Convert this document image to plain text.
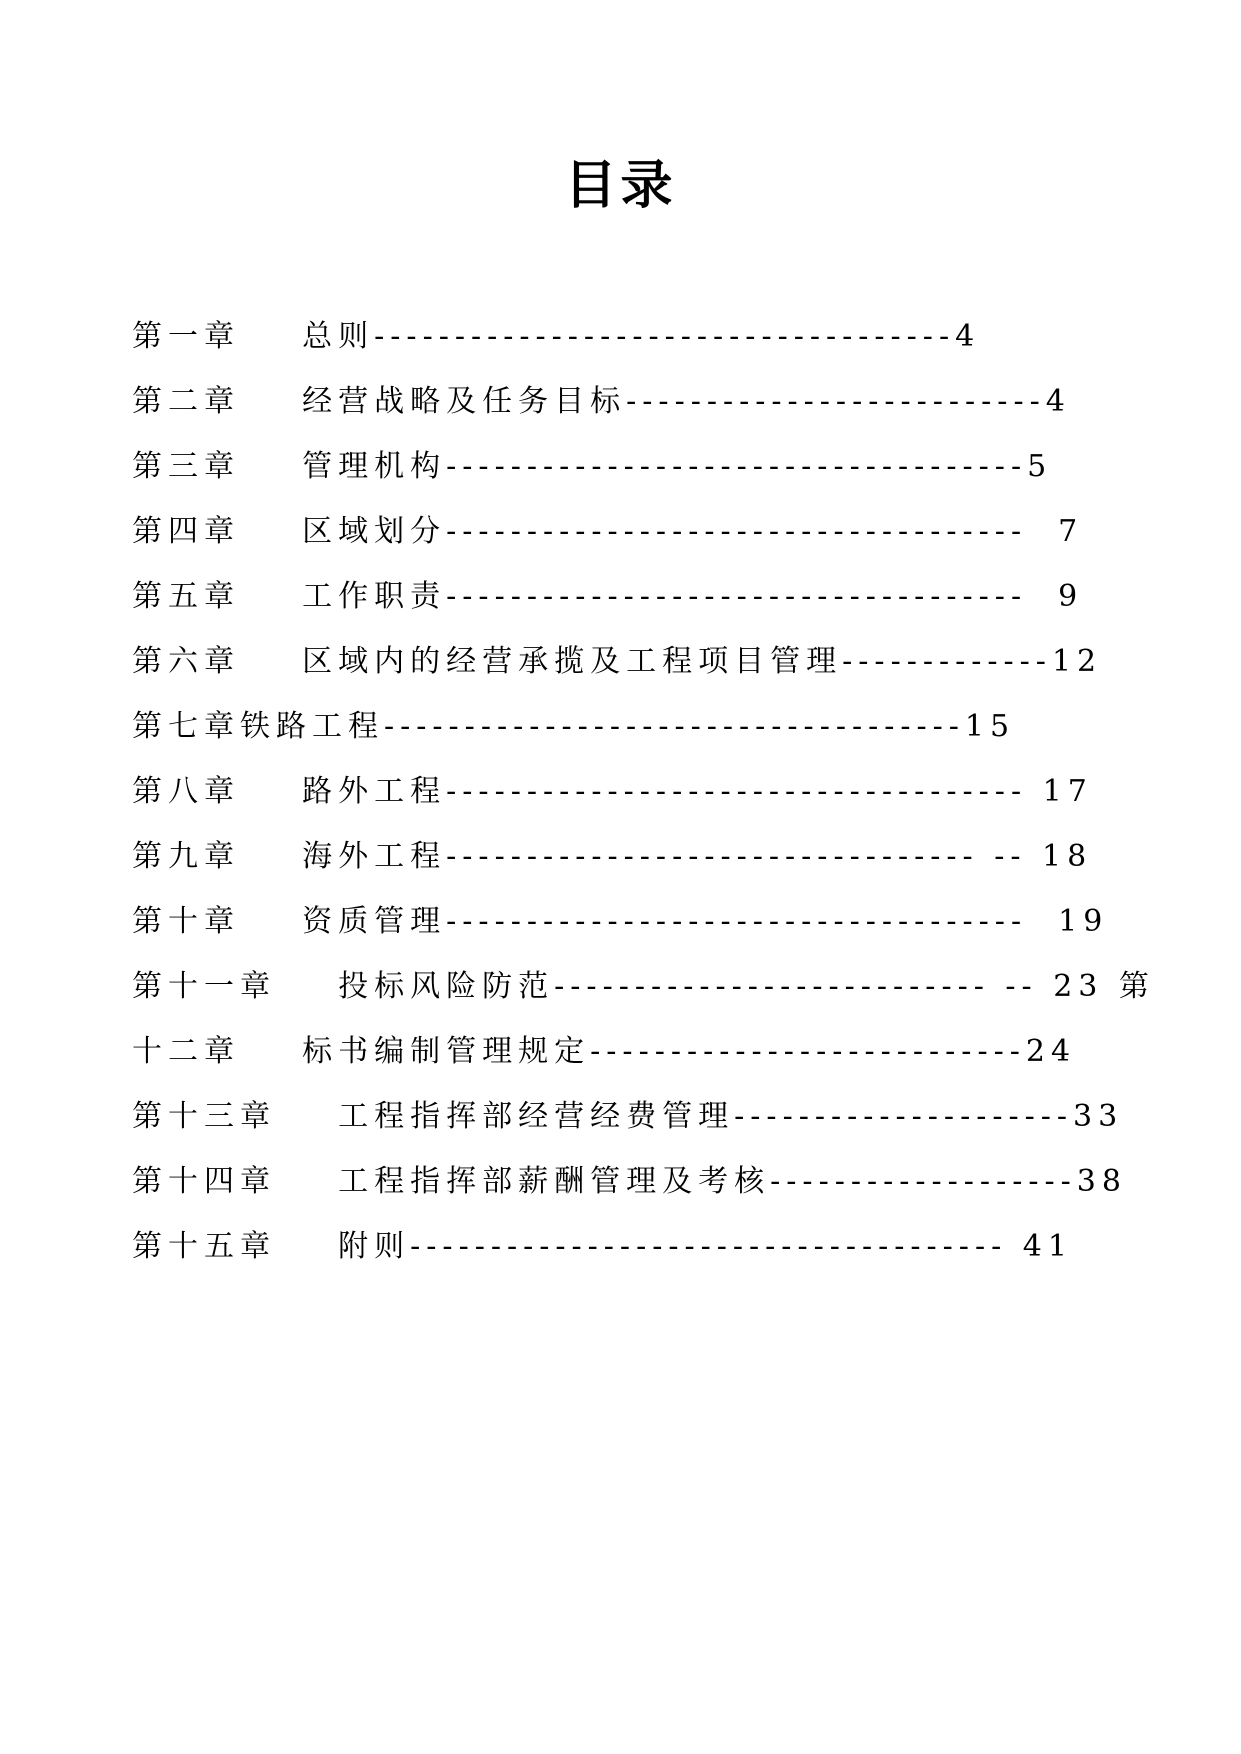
目录
第一章 总则------------------------------------4
第二章 经营战略及任务目标--------------------------4
第三章 管理机构------------------------------------5
第四章 区域划分------------------------------------  7
第五章 工作职责------------------------------------  9
第六章 区域内的经营承揽及工程项目管理-------------12
第七章铁路工程------------------------------------15
第八章 路外工程------------------------------------ 17
第九章 海外工程--------------------------------- -- 18
第十章 资质管理------------------------------------  19
第十一章 投标风险防范--------------------------- -- 23 第
十二章 标书编制管理规定---------------------------24
第十三章 工程指挥部经营经费管理---------------------33
第十四章 工程指挥部薪酬管理及考核-------------------38
第十五章 附则------------------------------------- 41
